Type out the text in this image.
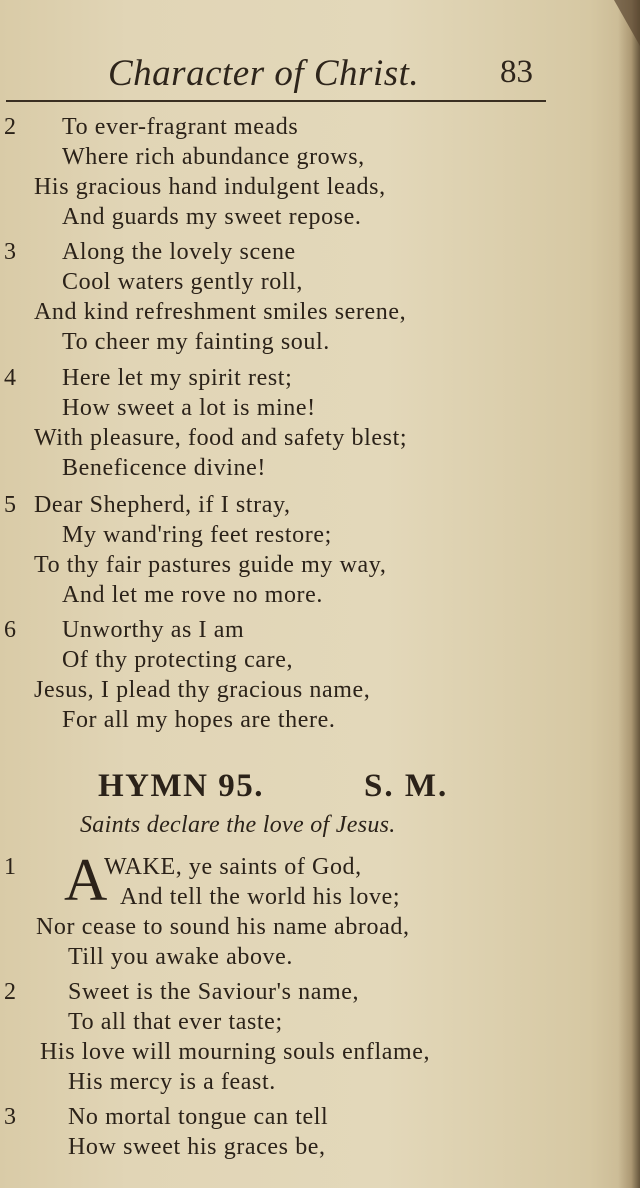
Character of Christ. 83
2	To ever-fragrant meads
Where rich abundance grows,
His gracious hand indulgent leads,
And guards my sweet repose.
3	Along the lovely scene
Cool waters gently roll,
And kind refreshment smiles serene,
To cheer my fainting soul.
4	Here let my spirit rest;
How sweet a lot is mine!
With pleasure, food and safety blest;
Beneficence divine!
5 Dear Shepherd, if I stray,
My wand'ring feet restore;
To thy fair pastures guide my way,
And let me rove no more.
6	Unworthy as I am
Of thy protecting care,
Jesus, I plead thy gracious name,
For all my hopes are there.
HYMN 95.	S. M.
Saints declare the love of Jesus.
1 A
WAKE, ye saints of God,
And tell the world his love;
Nor cease to sound his name abroad,
Till you awake above.
2	Sweet is the Saviour's name,
To all that ever taste;
His love will mourning souls enflame,
His mercy is a feast.
3	No mortal tongue can tell
How sweet his graces be,
